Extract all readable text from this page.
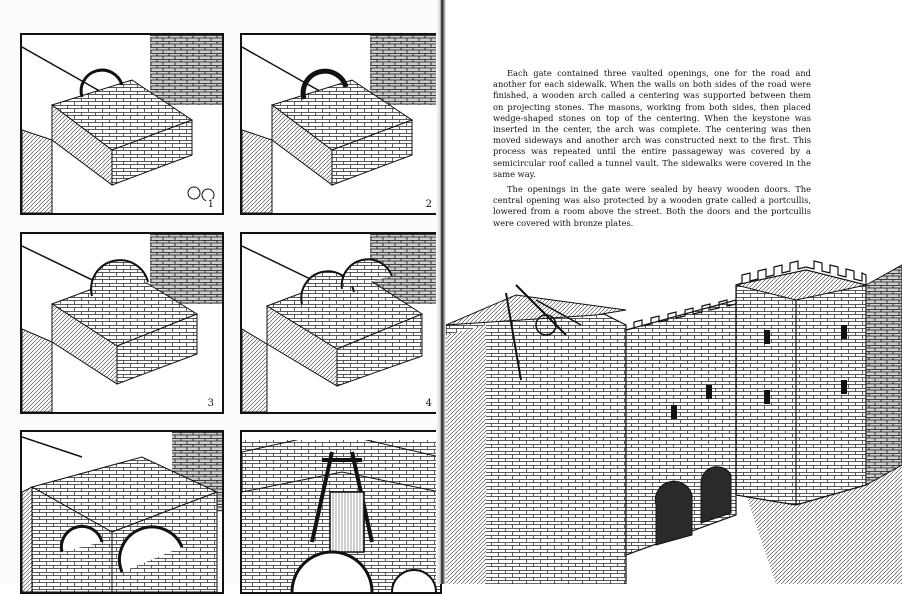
1	2
3	4

Each gate contained three vaulted openings, one for the road and another for each sidewalk. When the walls on both sides of the road were finished, a wooden arch called a centering was supported between them on projecting stones. The masons, working from both sides, then placed wedge-shaped stones on top of the centering. When the keystone was inserted in the center, the arch was complete. The centering was then moved sideways and another arch was constructed next to the first. This process was repeated until the entire passageway was covered by a semicircular roof called a tunnel vault. The sidewalks were covered in the same way.

The openings in the gate were sealed by heavy wooden doors. The central opening was also protected by a wooden grate called a portcullis, lowered from a room above the street. Both the doors and the portcullis were covered with bronze plates.
